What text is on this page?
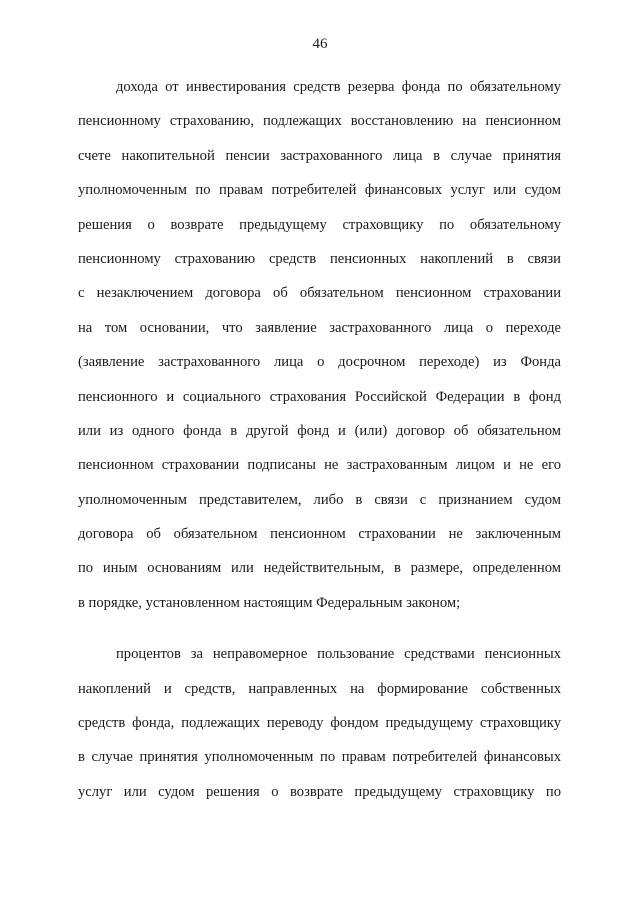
46
дохода от инвестирования средств резерва фонда по обязательному
пенсионному страхованию, подлежащих восстановлению на пенсионном
счете накопительной пенсии застрахованного лица в случае принятия
уполномоченным по правам потребителей финансовых услуг или судом
решения о возврате предыдущему страховщику по обязательному
пенсионному страхованию средств пенсионных накоплений в связи
с незаключением договора об обязательном пенсионном страховании
на том основании, что заявление застрахованного лица о переходе
(заявление застрахованного лица о досрочном переходе) из Фонда
пенсионного и социального страхования Российской Федерации в фонд
или из одного фонда в другой фонд и (или) договор об обязательном
пенсионном страховании подписаны не застрахованным лицом и не его
уполномоченным представителем, либо в связи с признанием судом
договора об обязательном пенсионном страховании не заключенным
по иным основаниям или недействительным, в размере, определенном
в порядке, установленном настоящим Федеральным законом;
процентов за неправомерное пользование средствами пенсионных
накоплений и средств, направленных на формирование собственных
средств фонда, подлежащих переводу фондом предыдущему страховщику
в случае принятия уполномоченным по правам потребителей финансовых
услуг или судом решения о возврате предыдущему страховщику по
